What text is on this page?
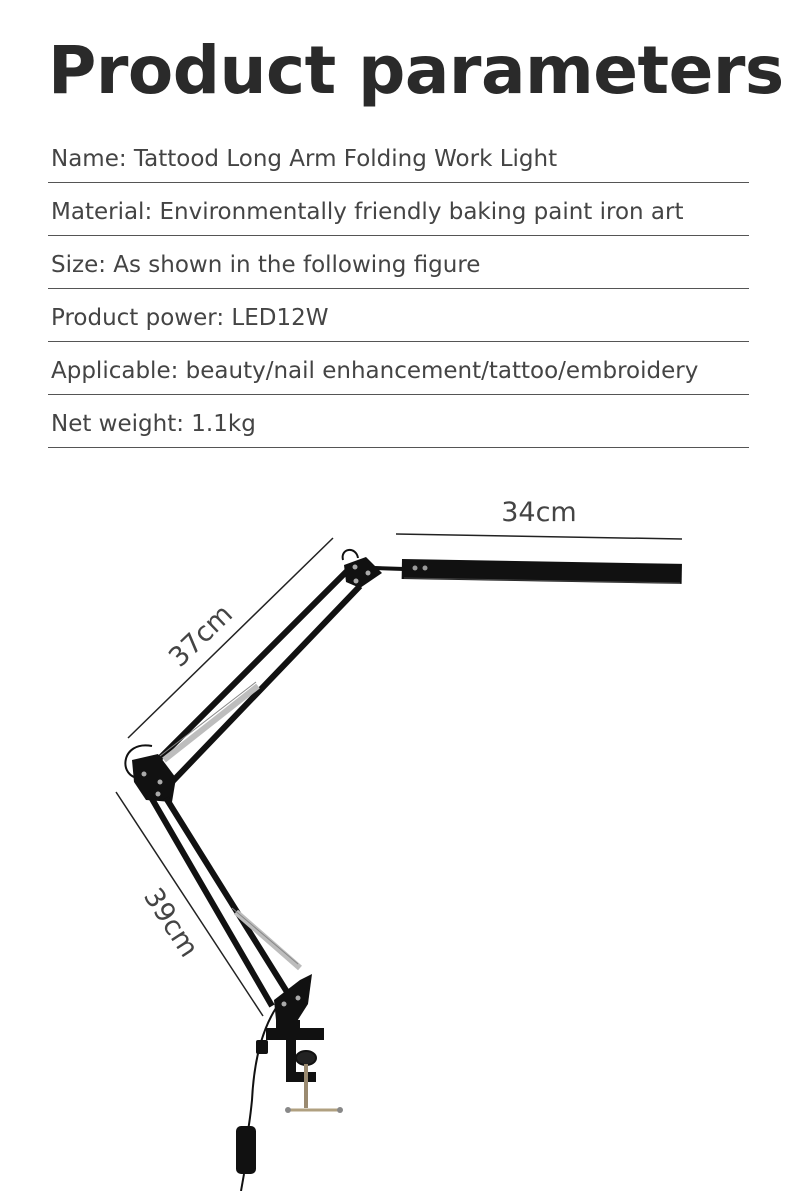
Product parameters
Name: Tattood Long Arm Folding Work Light
Material: Environmentally friendly baking paint iron art
Size: As shown in the following figure
Product power: LED12W
Applicable: beauty/nail enhancement/tattoo/embroidery
Net weight: 1.1kg
34cm
37cm
39cm
